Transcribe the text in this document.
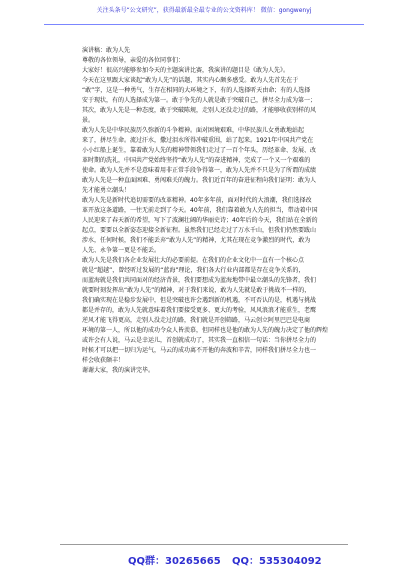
关注头条号“公文研究”，获得最新最全最专业的公文资料库！ 微信：gongwenyj
演讲稿：敢为人先
尊敬的各位领导，亲爱的各位同事们：
大家好！很高兴能够参加今天的主题演讲比赛，我演讲的题目是《敢为人先》。
今天在这里跟大家谈起“敢为人先”的话题，其实内心颇多感受。敢为人先首先在于
“敢”字，这是一种勇气，生存在相同的大环境之下，有的人选择听天由命；有的人选择
安于现状，有的人选择成为第一。敢于争先的人就是敢于突破自己，拼尽全力成为第一；
其次，敢为人先是一种态度，敢于突破陈规，走别人还没走过的路，才能够收获别样的风
景。
敢为人先是中华民族历久弥新的斗争精神。面对困境艰难，中华民族儿女勇敢地站起
来了，拼尽生命。流过汗水，撒过泪水所得冲破重围，站了起来。1921年中国共产党在
小小红船上诞生，靠着敢为人先的精神带领我们走过了一百个年头，历经革命、发展、改
革时期的洗礼，中国共产党始终坚持“敢为人先”的奋进精神，完成了一个又一个艰难的
使命。敢为人先并不是意味着用非正常手段争得第一，敢为人先并不只是为了所谓的成绩
敢为人先是一种直面困难、勇闯难关的魄力。我们近百年的奋进征程向我们证明：敢为人
先才能勇立潮头！
敢为人先是新时代追切需要的改革精神。40年多年前，面对时代的大浪潮，我们选择改
革开放这条道路，一往无前走到了今天。40年前，我们靠着敢为人先的担当，带动着中国
人民迎来了春天新的希望，写下了波澜壮阔的华丽史诗；40年后的今天，我们站在全新的
起点，要要以全新姿态迎接全新征程。虽然我们已经走过了万水千山，但我们仍然要跋山
涉水，任何时候，我们不能丢弃“敢为人先”的精神，尤其在现在竞争激烈的时代，敢为
人先、永争第一更是不能丢。
敢为人先是我们各企业发展壮大的必要前提。在我们的企业文化中一直有一个核心点
就是“超越”，曾经听过发展的“蓝海”理论，我们各大行业内部都是存在竞争关系的，
而蓝海就是我们共同面对的经济背景，我们要想成为蓝海地带中最立潮头的先锋者，我们
就要时刻发挥出“敢为人先”的精神，对于我们来说，敢为人先就是敢于挑战不一样的，
我们确实现在是稳步发展中，但是突破也许会遇到新的机遇，不可否认的是，机遇与挑战
都是并存的，敢为人先就意味着我们要接受更多、更大的考验，风风浪浪才能重生，老鹰
逆风才能飞得更高，走别人没走过的路，我们就是开创筛路，马云创立阿里巴巴是电商
环境的第一人，所以他的成功令众人皆羡慕，但同样也是他的敢为人先的魄力决定了他的辉煌
或许会有人说，马云是幸运儿，首创就成功了，其实我一直相信一句话：当你拼尽全力的
时候才可以把一切归为运气，马云的成功离不开他的奔波和辛苦，同样我们拼尽全力也一
样会收获颇丰！
谢谢大家，我的演讲完毕。
QQ群：30265665 QQ：535304092
